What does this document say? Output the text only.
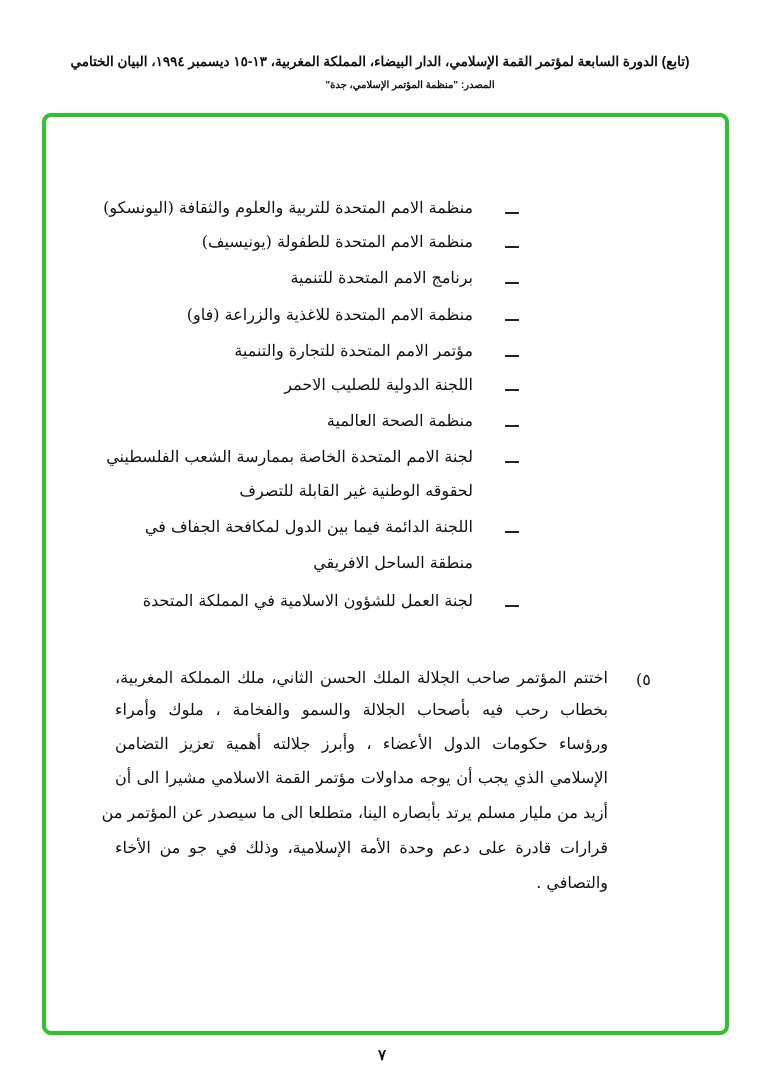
(تابع) الدورة السابعة لمؤتمر القمة الإسلامي، الدار البيضاء، المملكة المغربية، ١٣-١٥ ديسمبر ١٩٩٤، البيان الختامي
المصدر: "منظمة المؤتمر الإسلامي، جدة"
منظمة الامم المتحدة للتربية والعلوم والثقافة (اليونسكو)
منظمة الامم المتحدة للطفولة (يونيسيف)
برنامج الامم المتحدة للتنمية
منظمة الامم المتحدة للاغذية والزراعة (فاو)
مؤتمر الامم المتحدة للتجارة والتنمية
اللجنة الدولية للصليب الاحمر
منظمة الصحة العالمية
لجنة الامم المتحدة الخاصة بممارسة الشعب الفلسطيني
لحقوقه الوطنية غير القابلة للتصرف
اللجنة الدائمة فيما بين الدول لمكافحة الجفاف في
منطقة الساحل الافريقي
لجنة العمل للشؤون الاسلامية في المملكة المتحدة
٥)
اختتم المؤتمر صاحب الجلالة الملك الحسن الثاني، ملك المملكة المغربية،
بخطاب رحب فيه بأصحاب الجلالة والسمو والفخامة ، ملوك وأمراء
ورؤساء حكومات الدول الأعضاء ، وأبرز جلالته أهمية تعزيز التضامن
الإسلامي الذي يجب أن يوجه مداولات مؤتمر القمة الاسلامي مشيرا الى أن
أزيد من مليار مسلم يرتد بأبصاره الينا، متطلعا الى ما سيصدر عن المؤتمر من
قرارات قادرة على دعم وحدة الأمة الإسلامية، وذلك في جو من الأخاء
والتصافي .
٧
